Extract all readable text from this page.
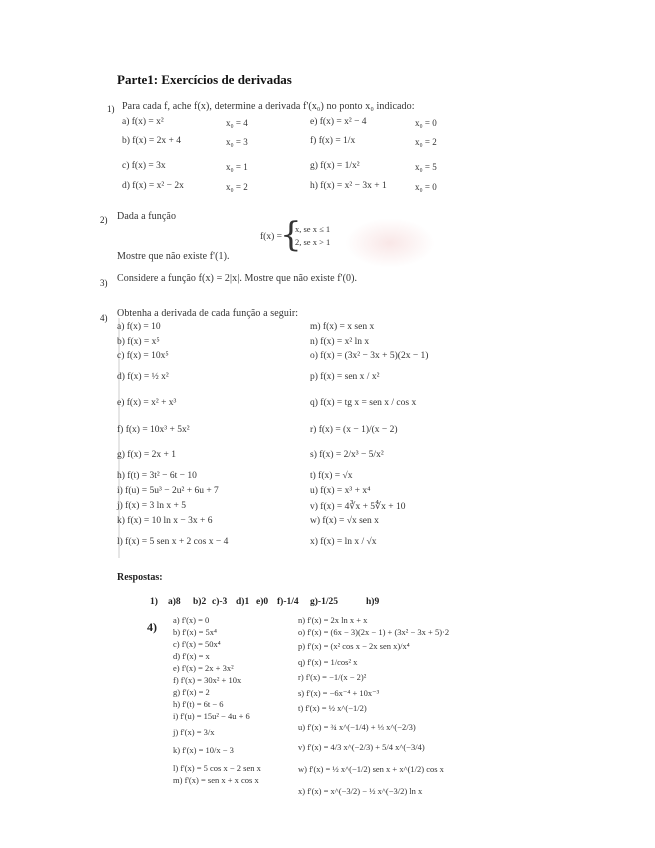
Parte1: Exercícios de derivadas
1) Para cada f, ache f(x), determine a derivada f'(x₀) no ponto x₀ indicado:
a) f(x) = x²	x₀ = 4
b) f(x) = 2x + 4	x₀ = 3
c) f(x) = 3x	x₀ = 1
d) f(x) = x² − 2x	x₀ = 2
e) f(x) = x² − 4	x₀ = 0
f) f(x) = 1/x	x₀ = 2
g) f(x) = 1/x²	x₀ = 5
h) f(x) = x² − 3x + 1	x₀ = 0
2) Dada a função
f(x) =
{
x, se x ≤ 1
2, se x > 1
Mostre que não existe f'(1).
3) Considere a função f(x) = 2|x|. Mostre que não existe f'(0).
4) Obtenha a derivada de cada função a seguir:
a) f(x) = 10
b) f(x) = x⁵
c) f(x) = 10x⁵
d) f(x) = ½ x²
e) f(x) = x² + x³
f) f(x) = 10x³ + 5x²
g) f(x) = 2x + 1
h) f(t) = 3t² − 6t − 10
i) f(u) = 5u³ − 2u² + 6u + 7
j) f(x) = 3 ln x + 5
k) f(x) = 10 ln x − 3x + 6
l) f(x) = 5 sen x + 2 cos x − 4
m) f(x) = x sen x
n) f(x) = x² ln x
o) f(x) = (3x² − 3x + 5)(2x − 1)
p) f(x) = sen x / x²
q) f(x) = tg x = sen x / cos x
r) f(x) = (x − 1)/(x − 2)
s) f(x) = 2/x³ − 5/x²
t) f(x) = √x
u) f(x) = x³ + x⁴
v) f(x) = 4∛x + 5∜x + 10
w) f(x) = √x sen x
x) f(x) = ln x / √x
Respostas:
1) a)8 b)2 c)-3 d)1 e)0 f)-1/4 g)-1/25	h)9
4) a) f'(x) = 0
b) f'(x) = 5x⁴
c) f'(x) = 50x⁴
d) f'(x) = x
e) f'(x) = 2x + 3x²
f) f'(x) = 30x² + 10x
g) f'(x) = 2
h) f'(t) = 6t − 6
i) f'(u) = 15u² − 4u + 6
j) f'(x) = 3/x
k) f'(x) = 10/x − 3
l) f'(x) = 5 cos x − 2 sen x
m) f'(x) = sen x + x cos x
n) f'(x) = 2x ln x + x
o) f'(x) = (6x − 3)(2x − 1) + (3x² − 3x + 5)·2
p) f'(x) = (x² cos x − 2x sen x)/x⁴
q) f'(x) = 1/cos² x
r) f'(x) = −1/(x − 2)²
s) f'(x) = −6x⁻⁴ + 10x⁻³
t) f'(x) = ½ x^(−1/2)
u) f'(x) = ¾ x^(−1/4) + ⅓ x^(−2/3)
v) f'(x) = 4/3 x^(−2/3) + 5/4 x^(−3/4)
w) f'(x) = ½ x^(−1/2) sen x + x^(1/2) cos x
x) f'(x) = x^(−3/2) − ½ x^(−3/2) ln x
